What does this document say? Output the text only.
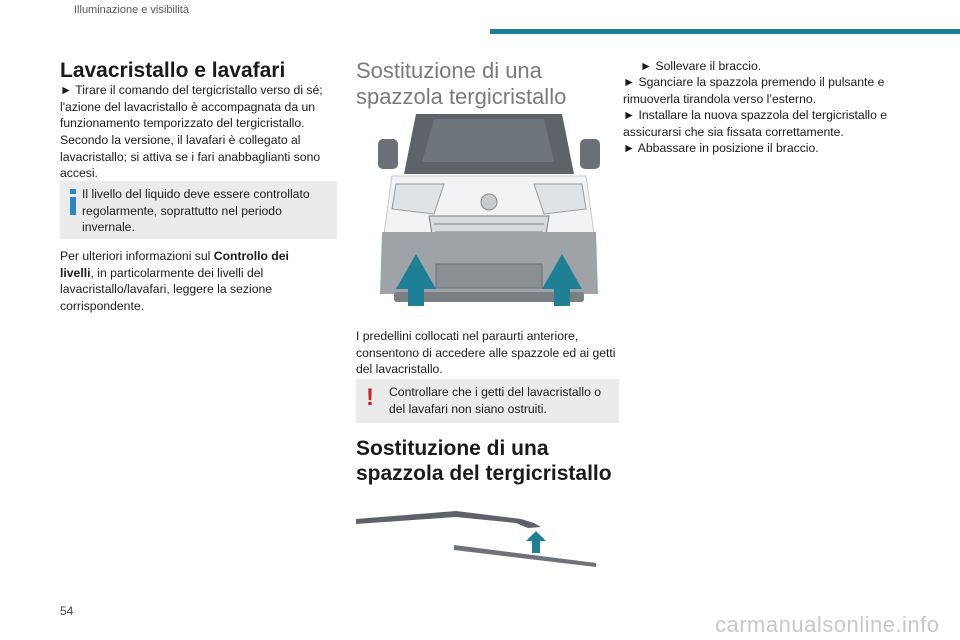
Illuminazione e visibilità
Lavacristallo e lavafari

► Tirare il comando del tergicristallo verso di sé; l'azione del lavacristallo è accompagnata da un funzionamento temporizzato del tergicristallo.

Secondo la versione, il lavafari è collegato al lavacristallo; si attiva se i fari anabbaglianti sono accesi.

Il livello del liquido deve essere controllato regolarmente, soprattutto nel periodo invernale.

Per ulteriori informazioni sul Controllo dei livelli, in particolarmente dei livelli del lavacristallo/lavafari, leggere la sezione corrispondente.

Sostituzione di una spazzola tergicristallo

I predellini collocati nel paraurti anteriore, consentono di accedere alle spazzole ed ai getti del lavacristallo.

! Controllare che i getti del lavacristallo o del lavafari non siano ostruiti.
Sostituzione di una spazzola del tergicristallo

► Sollevare il braccio.

► Sganciare la spazzola premendo il pulsante e rimuoverla tirandola verso l’esterno.

► Installare la nuova spazzola del tergicristallo e assicurarsi che sia fissata correttamente.

► Abbassare in posizione il braccio.

54
carmanualsonline.info
